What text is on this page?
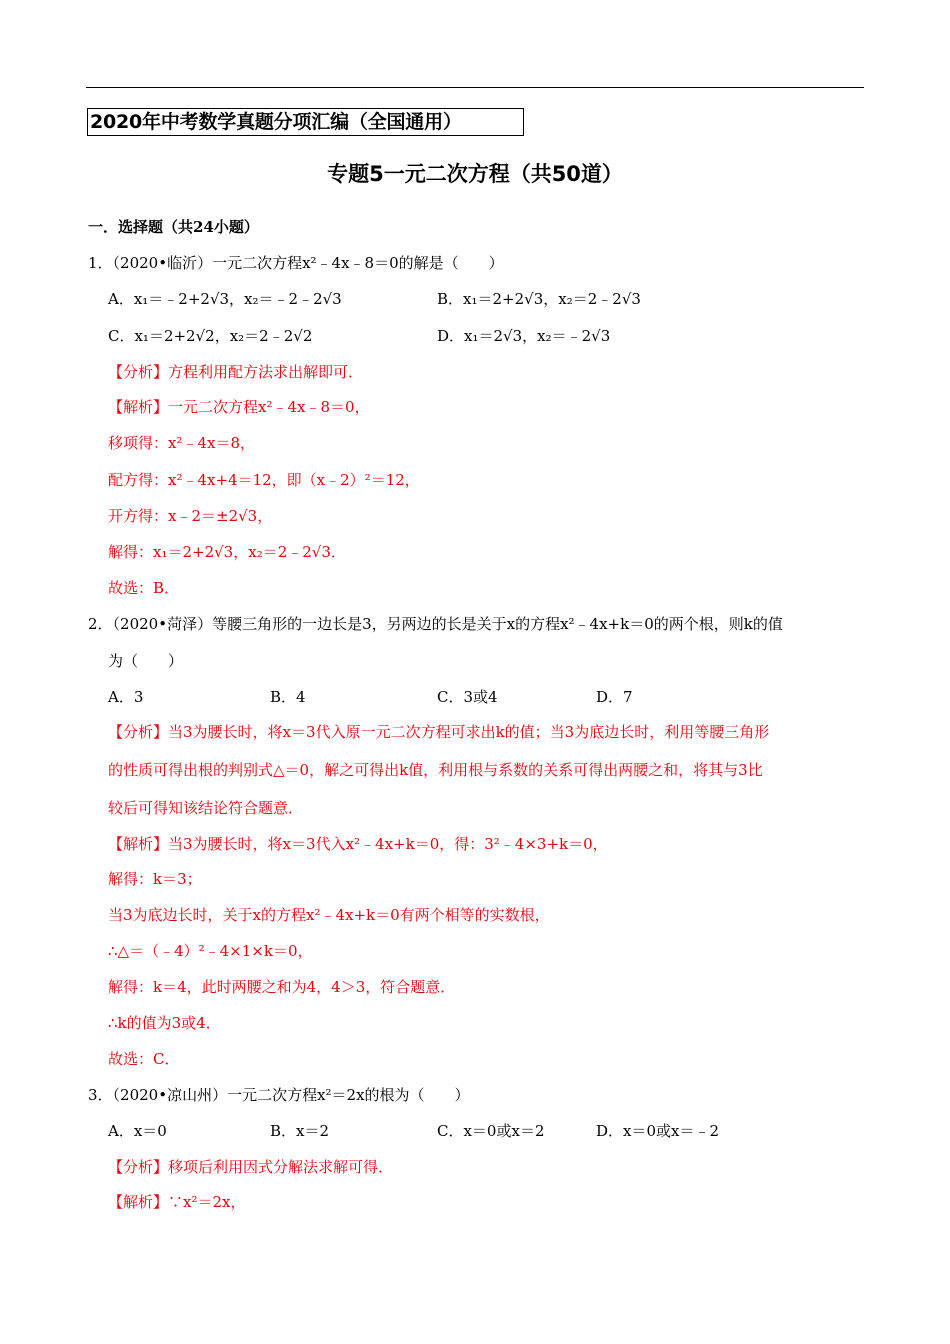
2020年中考数学真题分项汇编（全国通用）
专题5一元二次方程（共50道）
一．选择题（共24小题）
1．（2020•临沂）一元二次方程x²﹣4x﹣8＝0的解是（　　）
A．x₁＝﹣2+2√3，x₂＝﹣2﹣2√3	B．x₁＝2+2√3，x₂＝2﹣2√3
C．x₁＝2+2√2，x₂＝2﹣2√2	D．x₁＝2√3，x₂＝﹣2√3
【分析】方程利用配方法求出解即可．
【解析】一元二次方程x²﹣4x﹣8＝0，
移项得：x²﹣4x＝8，
配方得：x²﹣4x+4＝12，即（x﹣2）²＝12，
开方得：x﹣2＝±2√3，
解得：x₁＝2+2√3，x₂＝2﹣2√3．
故选：B．
2．（2020•菏泽）等腰三角形的一边长是3，另两边的长是关于x的方程x²﹣4x+k＝0的两个根，则k的值
为（　　）
A．3	B．4	C．3或4	D．7
【分析】当3为腰长时，将x＝3代入原一元二次方程可求出k的值；当3为底边长时，利用等腰三角形
的性质可得出根的判别式△＝0，解之可得出k值，利用根与系数的关系可得出两腰之和，将其与3比
较后可得知该结论符合题意．
【解析】当3为腰长时，将x＝3代入x²﹣4x+k＝0，得：3²﹣4×3+k＝0，
解得：k＝3；
当3为底边长时，关于x的方程x²﹣4x+k＝0有两个相等的实数根，
∴△＝（﹣4）²﹣4×1×k＝0，
解得：k＝4，此时两腰之和为4，4＞3，符合题意．
∴k的值为3或4．
故选：C．
3．（2020•凉山州）一元二次方程x²＝2x的根为（　　）
A．x＝0	B．x＝2	C．x＝0或x＝2	D．x＝0或x＝﹣2
【分析】移项后利用因式分解法求解可得．
【解析】∵x²＝2x，
